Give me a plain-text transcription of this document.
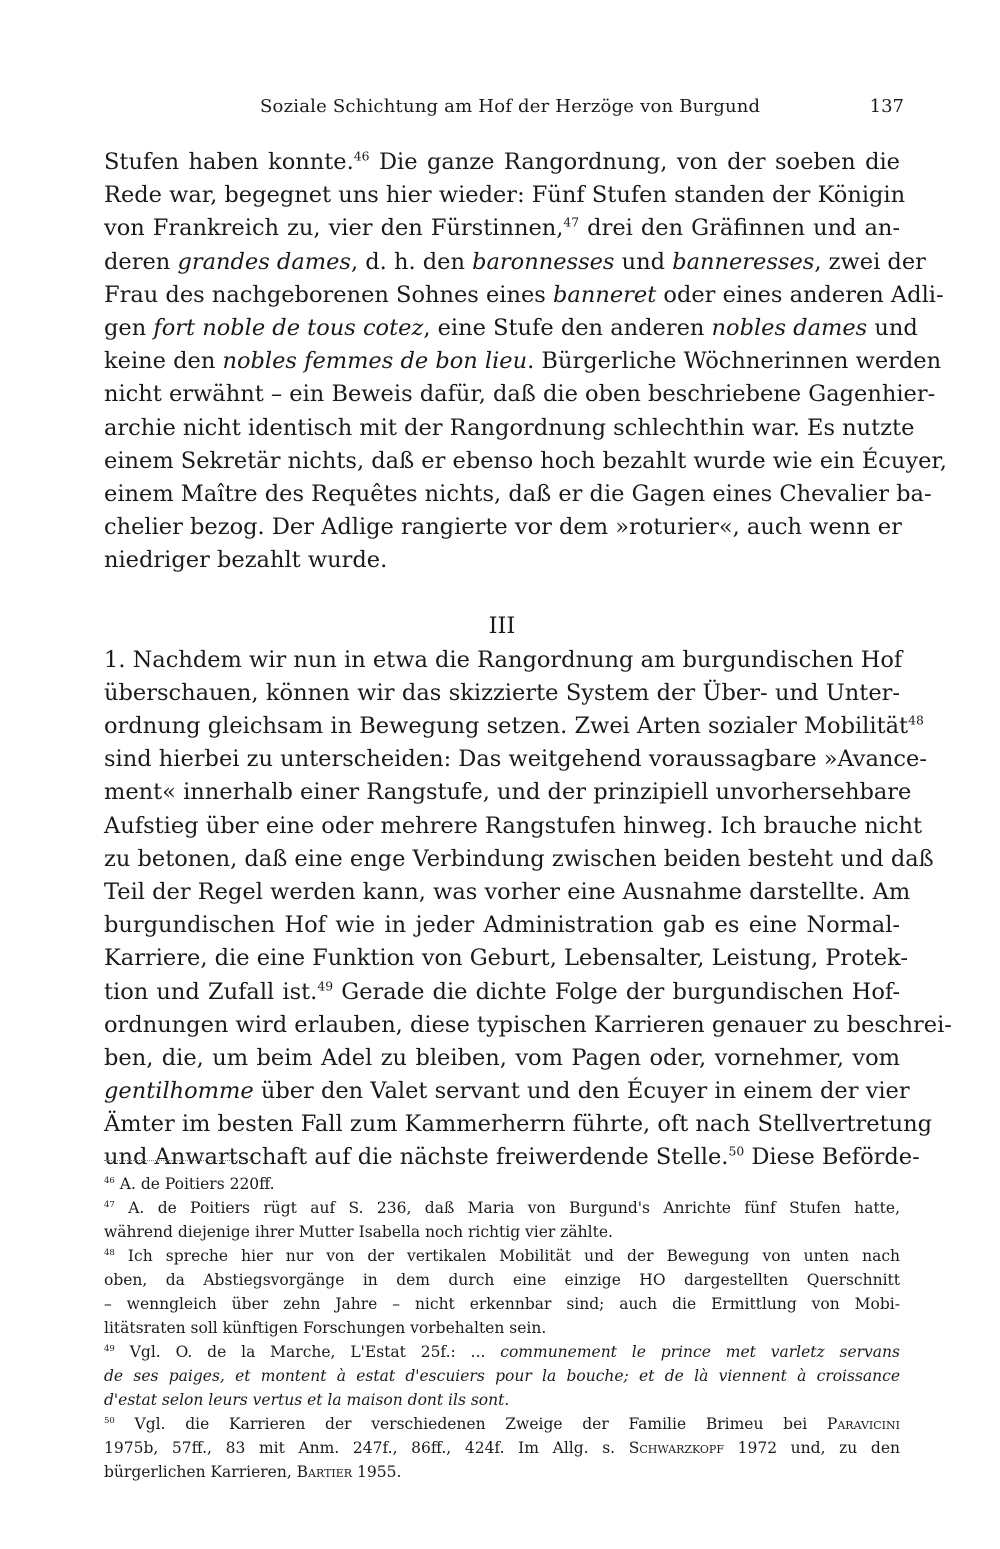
Soziale Schichtung am Hof der Herzöge von Burgund	137
Stufen haben konnte.$^{46}$ Die ganze Rangordnung, von der soeben die
Rede war, begegnet uns hier wieder: Fünf Stufen standen der Königin
von Frankreich zu, vier den Fürstinnen,$^{47}$ drei den Gräfinnen und an-
deren grandes dames, d. h. den baronnesses und banneresses, zwei der
Frau des nachgeborenen Sohnes eines banneret oder eines anderen Adli-
gen fort noble de tous cotez, eine Stufe den anderen nobles dames und
keine den nobles femmes de bon lieu. Bürgerliche Wöchnerinnen werden
nicht erwähnt – ein Beweis dafür, daß die oben beschriebene Gagenhier-
archie nicht identisch mit der Rangordnung schlechthin war. Es nutzte
einem Sekretär nichts, daß er ebenso hoch bezahlt wurde wie ein Écuyer,
einem Maître des Requêtes nichts, daß er die Gagen eines Chevalier ba-
chelier bezog. Der Adlige rangierte vor dem »roturier«, auch wenn er
niedriger bezahlt wurde.
III
1. Nachdem wir nun in etwa die Rangordnung am burgundischen Hof
überschauen, können wir das skizzierte System der Über- und Unter-
ordnung gleichsam in Bewegung setzen. Zwei Arten sozialer Mobilität$^{48}$
sind hierbei zu unterscheiden: Das weitgehend voraussagbare »Avance-
ment« innerhalb einer Rangstufe, und der prinzipiell unvorhersehbare
Aufstieg über eine oder mehrere Rangstufen hinweg. Ich brauche nicht
zu betonen, daß eine enge Verbindung zwischen beiden besteht und daß
Teil der Regel werden kann, was vorher eine Ausnahme darstellte. Am
burgundischen Hof wie in jeder Administration gab es eine Normal-
Karriere, die eine Funktion von Geburt, Lebensalter, Leistung, Protek-
tion und Zufall ist.$^{49}$ Gerade die dichte Folge der burgundischen Hof-
ordnungen wird erlauben, diese typischen Karrieren genauer zu beschrei-
ben, die, um beim Adel zu bleiben, vom Pagen oder, vornehmer, vom
gentilhomme über den Valet servant und den Écuyer in einem der vier
Ämter im besten Fall zum Kammerherrn führte, oft nach Stellvertretung
und Anwartschaft auf die nächste freiwerdende Stelle.$^{50}$ Diese Beförde-
$^{46}$ A. de Poitiers 220ff.
$^{47}$ A. de Poitiers rügt auf S. 236, daß Maria von Burgund's Anrichte fünf Stufen hatte,
während diejenige ihrer Mutter Isabella noch richtig vier zählte.
$^{48}$ Ich spreche hier nur von der vertikalen Mobilität und der Bewegung von unten nach
oben, da Abstiegsvorgänge in dem durch eine einzige HO dargestellten Querschnitt
– wenngleich über zehn Jahre – nicht erkennbar sind; auch die Ermittlung von Mobi-
litätsraten soll künftigen Forschungen vorbehalten sein.
$^{49}$ Vgl. O. de la Marche, L'Estat 25f.: ... communement le prince met varletz servans
de ses paiges, et montent à estat d'escuiers pour la bouche; et de là viennent à croissance
d'estat selon leurs vertus et la maison dont ils sont.
$^{50}$ Vgl. die Karrieren der verschiedenen Zweige der Familie Brimeu bei Paravicini
1975b, 57ff., 83 mit Anm. 247f., 86ff., 424f. Im Allg. s. Schwarzkopf 1972 und, zu den
bürgerlichen Karrieren, Bartier 1955.
